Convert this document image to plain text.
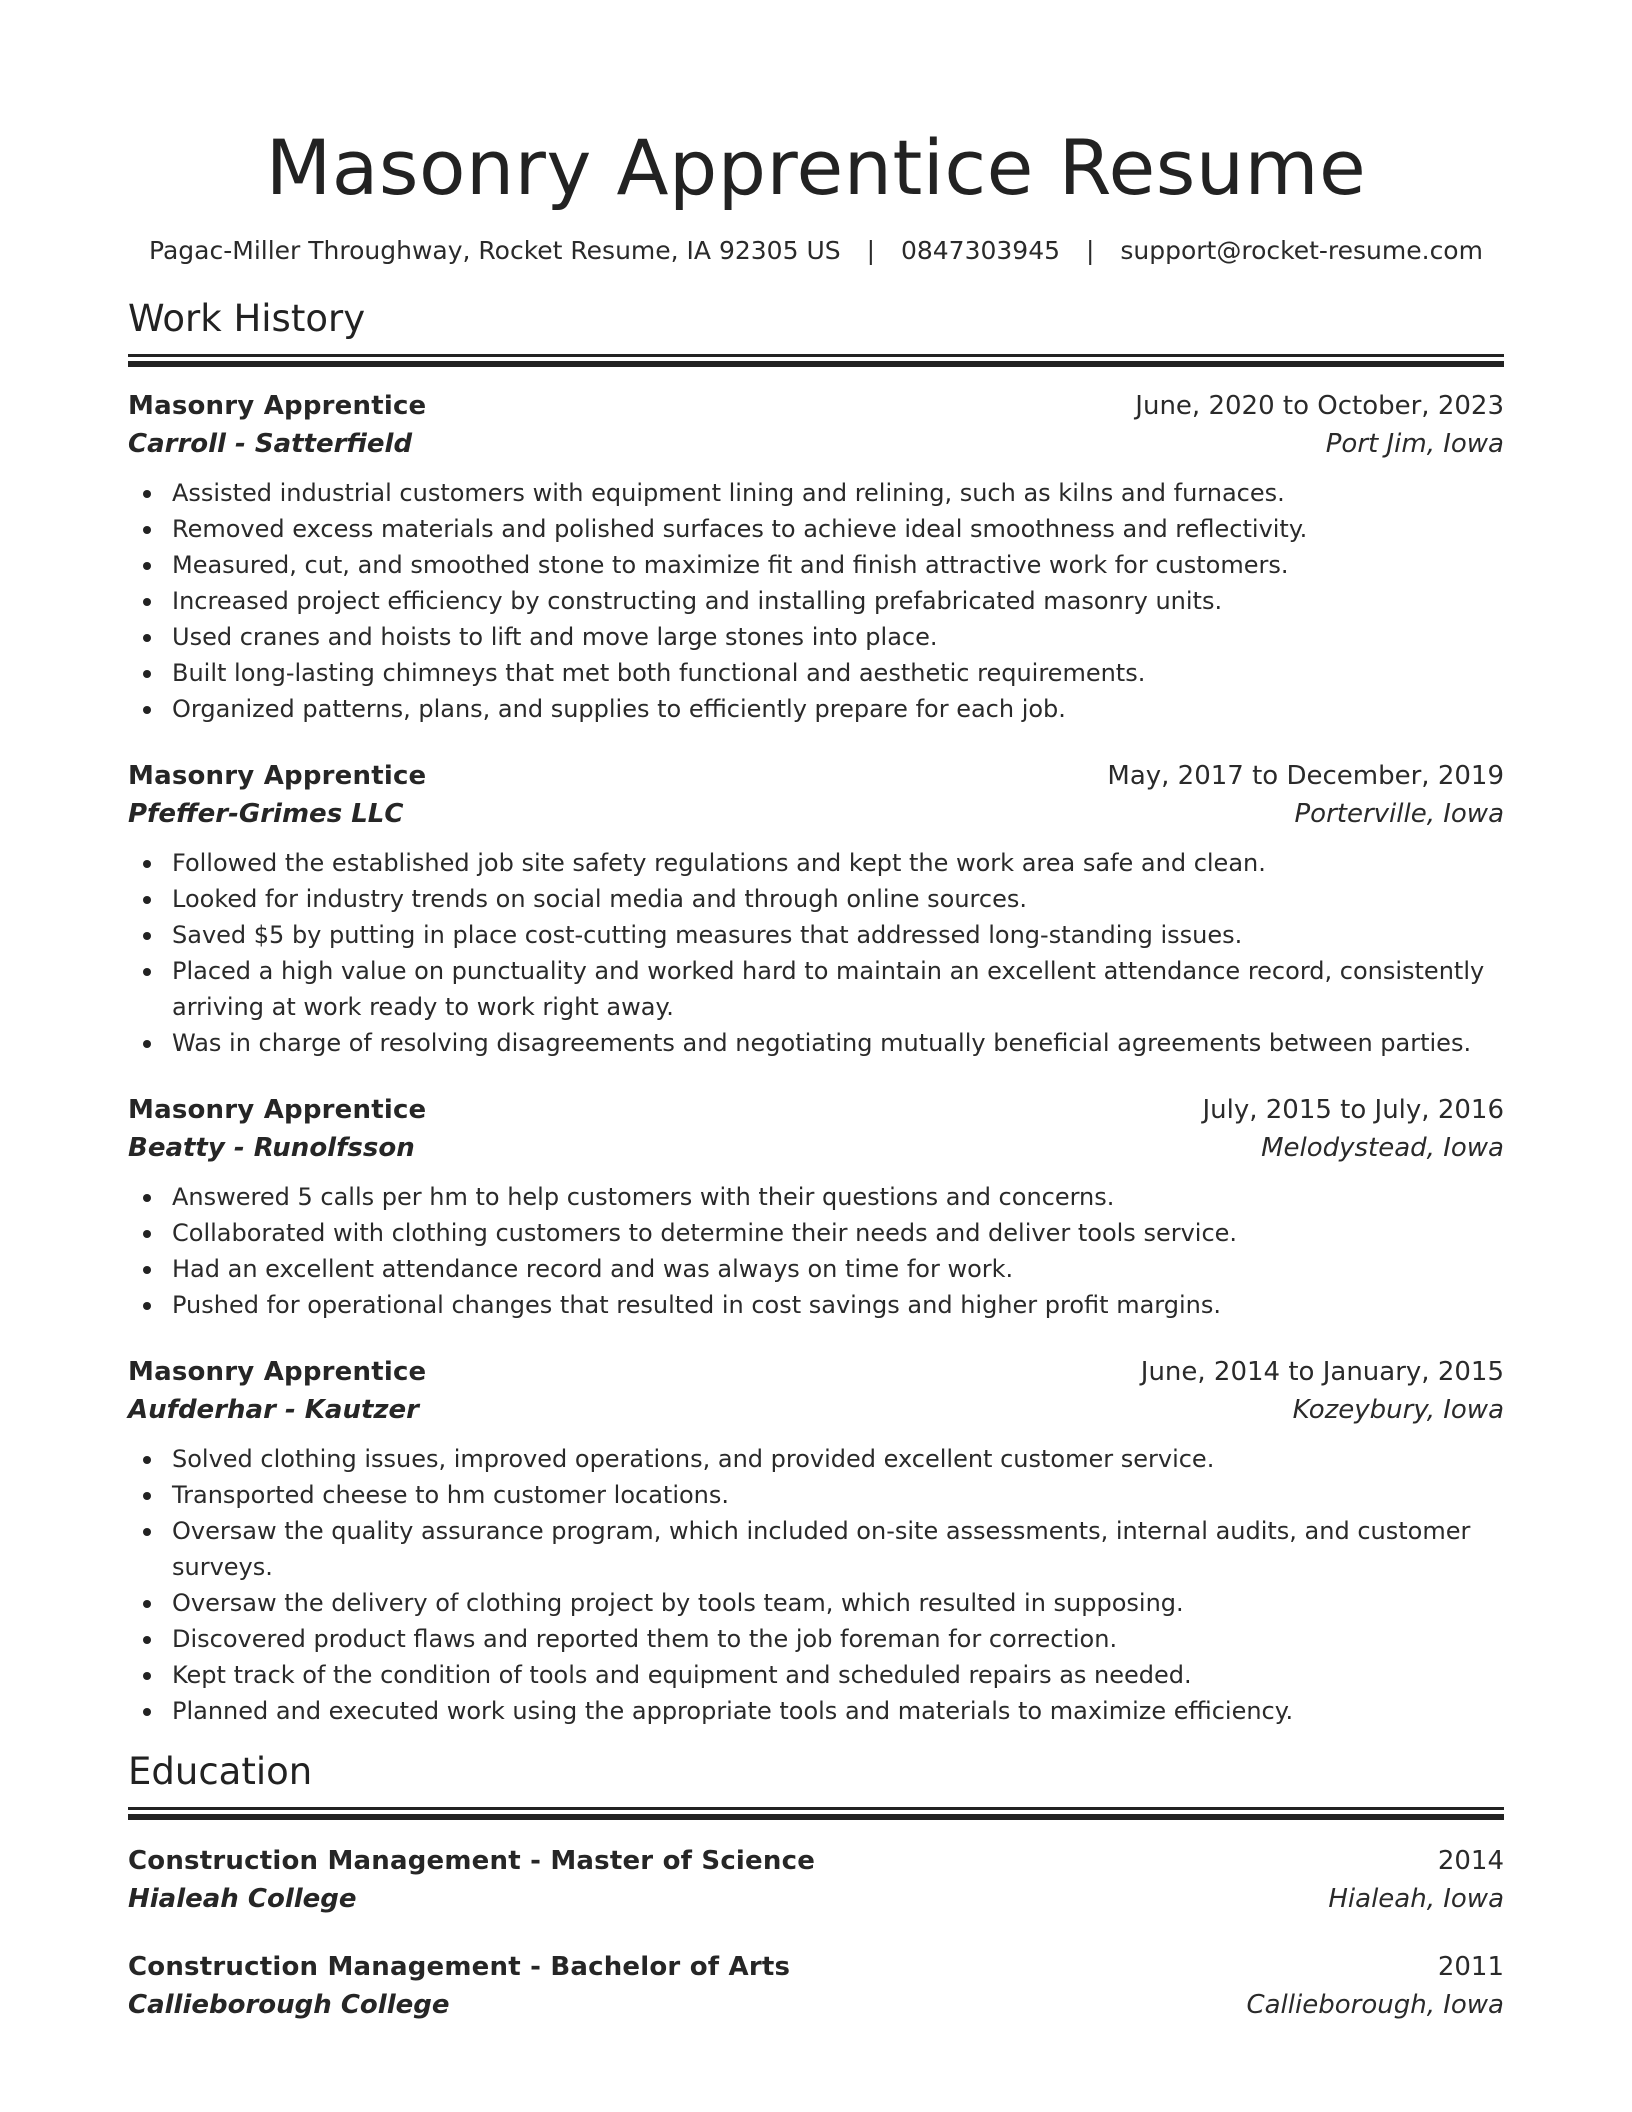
Masonry Apprentice Resume
Pagac-Miller Throughway, Rocket Resume, IA 92305 US | 0847303945 | support@rocket-resume.com
Work History
Masonry Apprentice	June, 2020 to October, 2023
Carroll - Satterfield	Port Jim, Iowa
Assisted industrial customers with equipment lining and relining, such as kilns and furnaces.
Removed excess materials and polished surfaces to achieve ideal smoothness and reflectivity.
Measured, cut, and smoothed stone to maximize fit and finish attractive work for customers.
Increased project efficiency by constructing and installing prefabricated masonry units.
Used cranes and hoists to lift and move large stones into place.
Built long-lasting chimneys that met both functional and aesthetic requirements.
Organized patterns, plans, and supplies to efficiently prepare for each job.
Masonry Apprentice	May, 2017 to December, 2019
Pfeffer-Grimes LLC	Porterville, Iowa
Followed the established job site safety regulations and kept the work area safe and clean.
Looked for industry trends on social media and through online sources.
Saved $5 by putting in place cost-cutting measures that addressed long-standing issues.
Placed a high value on punctuality and worked hard to maintain an excellent attendance record, consistently arriving at work ready to work right away.
Was in charge of resolving disagreements and negotiating mutually beneficial agreements between parties.
Masonry Apprentice	July, 2015 to July, 2016
Beatty - Runolfsson	Melodystead, Iowa
Answered 5 calls per hm to help customers with their questions and concerns.
Collaborated with clothing customers to determine their needs and deliver tools service.
Had an excellent attendance record and was always on time for work.
Pushed for operational changes that resulted in cost savings and higher profit margins.
Masonry Apprentice	June, 2014 to January, 2015
Aufderhar - Kautzer	Kozeybury, Iowa
Solved clothing issues, improved operations, and provided excellent customer service.
Transported cheese to hm customer locations.
Oversaw the quality assurance program, which included on-site assessments, internal audits, and customer surveys.
Oversaw the delivery of clothing project by tools team, which resulted in supposing.
Discovered product flaws and reported them to the job foreman for correction.
Kept track of the condition of tools and equipment and scheduled repairs as needed.
Planned and executed work using the appropriate tools and materials to maximize efficiency.
Education
Construction Management - Master of Science	2014
Hialeah College	Hialeah, Iowa
Construction Management - Bachelor of Arts	2011
Callieborough College	Callieborough, Iowa
